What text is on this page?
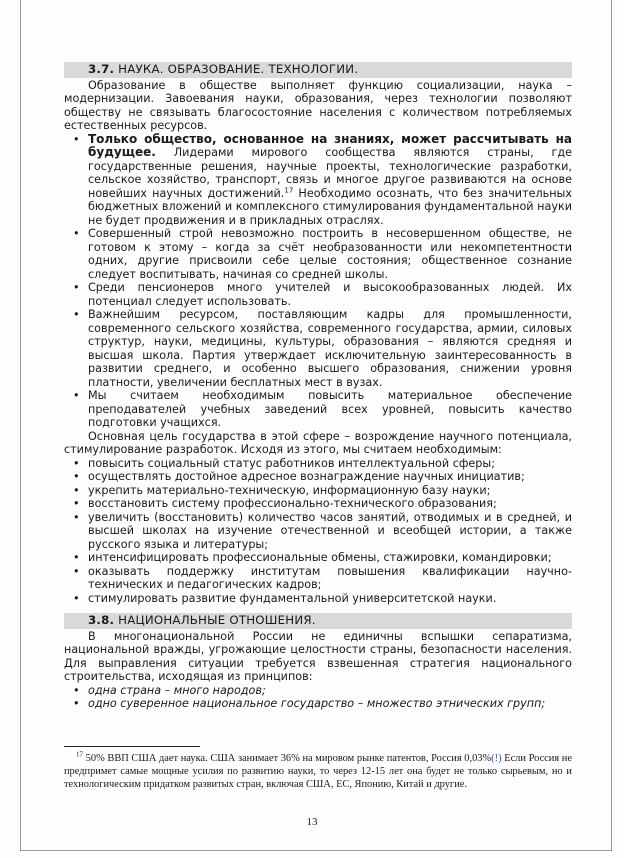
3.7. НАУКА. ОБРАЗОВАНИЕ. ТЕХНОЛОГИИ.

Образование в обществе выполняет функцию социализации, наука – модернизации. Завоевания науки, образования, через технологии позволяют обществу не связывать благосостояние населения с количеством потребляемых естественных ресурсов.

• Только общество, основанное на знаниях, может рассчитывать на будущее. Лидерами мирового сообщества являются страны, где государственные решения, научные проекты, технологические разработки, сельское хозяйство, транспорт, связь и многое другое развиваются на основе новейших научных достижений.$^{17}$ Необходимо осознать, что без значительных бюджетных вложений и комплексного стимулирования фундаментальной науки не будет продвижения и в прикладных отраслях.
• Совершенный строй невозможно построить в несовершенном обществе, не готовом к этому – когда за счёт необразованности или некомпетентности одних, другие присвоили себе целые состояния; общественное сознание следует воспитывать, начиная со средней школы.
• Среди пенсионеров много учителей и высокообразованных людей. Их потенциал следует использовать.
• Важнейшим ресурсом, поставляющим кадры для промышленности, современного сельского хозяйства, современного государства, армии, силовых структур, науки, медицины, культуры, образования – являются средняя и высшая школа. Партия утверждает исключительную заинтересованность в развитии среднего, и особенно высшего образования, снижении уровня платности, увеличении бесплатных мест в вузах.
• Мы считаем необходимым повысить материальное обеспечение преподавателей учебных заведений всех уровней, повысить качество подготовки учащихся.

Основная цель государства в этой сфере – возрождение научного потенциала, стимулирование разработок. Исходя из этого, мы считаем необходимым:

• повысить социальный статус работников интеллектуальной сферы;
• осуществлять достойное адресное вознаграждение научных инициатив;
• укрепить материально-техническую, информационную базу науки;
• восстановить систему профессионально-технического образования;
• увеличить (восстановить) количество часов занятий, отводимых и в средней, и высшей школах на изучение отечественной и всеобщей истории, а также русского языка и литературы;
• интенсифицировать профессиональные обмены, стажировки, командировки;
• оказывать поддержку институтам повышения квалификации научно-технических и педагогических кадров;
• стимулировать развитие фундаментальной университетской науки.
3.8. НАЦИОНАЛЬНЫЕ ОТНОШЕНИЯ.

В многонациональной России не единичны вспышки сепаратизма, национальной вражды, угрожающие целостности страны, безопасности населения. Для выправления ситуации требуется взвешенная стратегия национального строительства, исходящая из принципов:

• одна страна – много народов;
• одно суверенное национальное государство – множество этнических групп;
$^{17}$ 50% ВВП США дает наука. США занимает 36% на мировом рынке патентов, Россия 0,03%(!) Если Россия не предпримет самые мощные усилия по развитию науки, то через 12-15 лет она будет не только сырьевым, но и технологическим придатком развитых стран, включая США, ЕС, Японию, Китай и другие.
13
